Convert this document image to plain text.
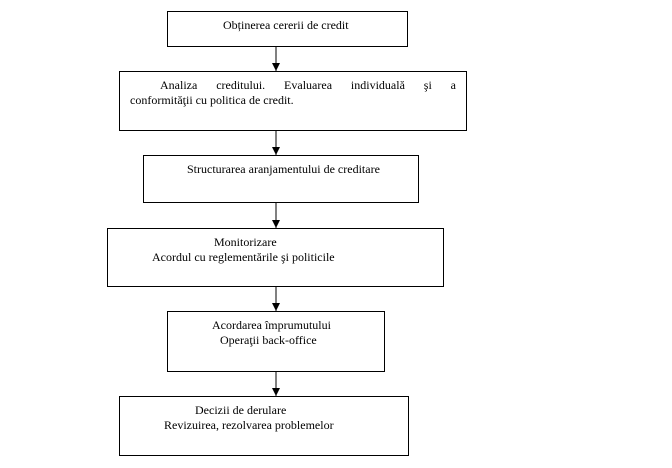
Obținerea cererii de credit
Analiza creditului. Evaluarea individuală şi a
conformităţii cu politica de credit.
Structurarea aranjamentului de creditare
Monitorizare
Acordul cu reglementările şi politicile
Acordarea împrumutului
Operaţii back-office
Decizii de derulare
Revizuirea, rezolvarea problemelor
